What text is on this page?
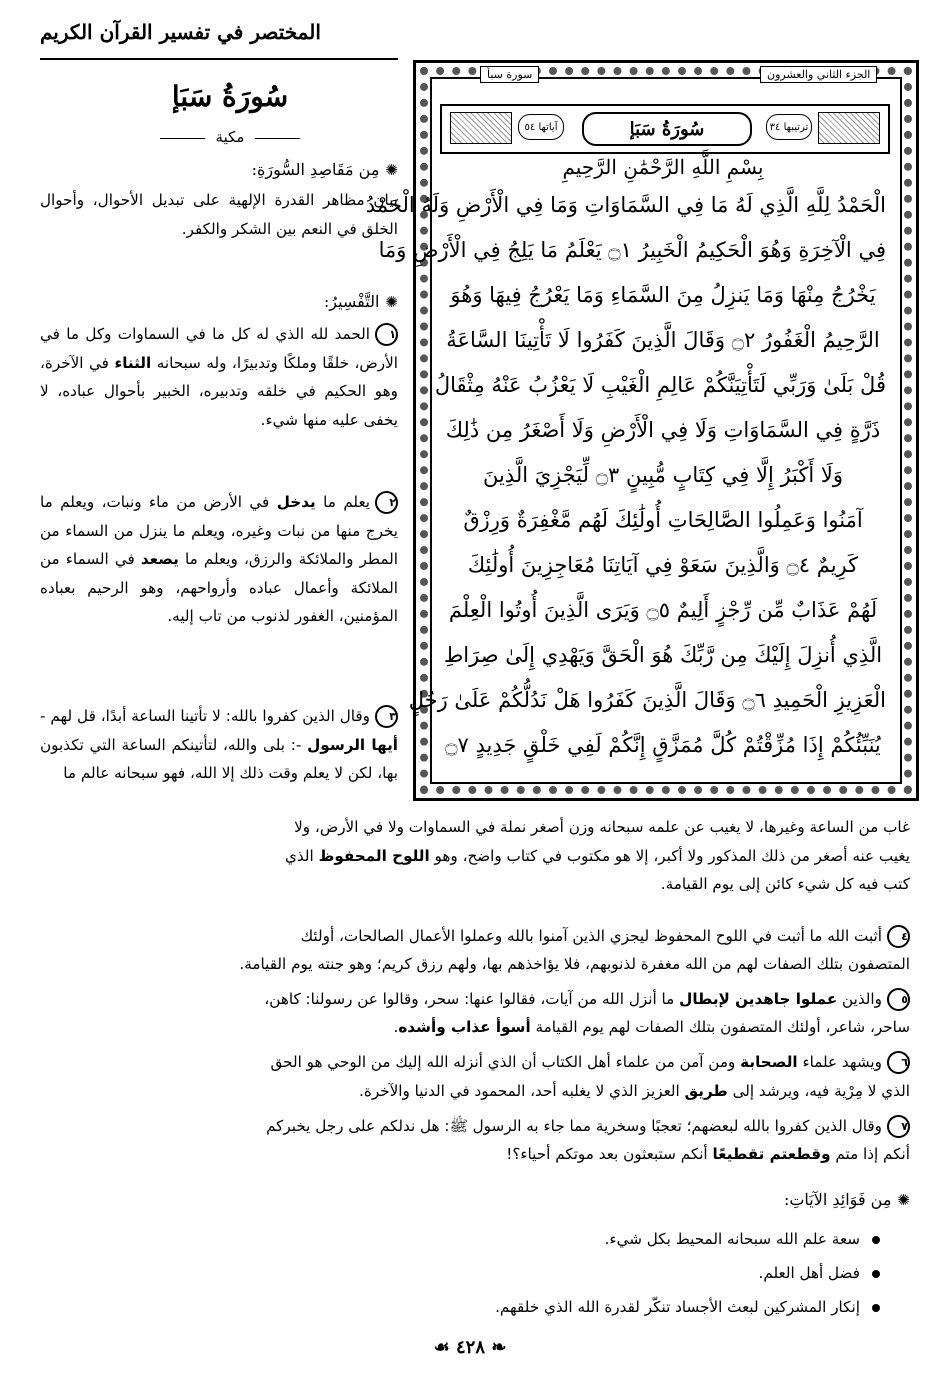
المختصر في تفسير القرآن الكريم
الجزء الثاني والعشرون
سورة سبأ
آياتها ٥٤	سُورَةُ سَبَإ	ترتيبها ٣٤
بِسْمِ اللَّهِ الرَّحْمَٰنِ الرَّحِيمِ
الْحَمْدُ لِلَّهِ الَّذِي لَهُ مَا فِي السَّمَاوَاتِ وَمَا فِي الْأَرْضِ وَلَهُ الْحَمْدُ
فِي الْآخِرَةِ وَهُوَ الْحَكِيمُ الْخَبِيرُ ۝١ يَعْلَمُ مَا يَلِجُ فِي الْأَرْضِ وَمَا
يَخْرُجُ مِنْهَا وَمَا يَنزِلُ مِنَ السَّمَاءِ وَمَا يَعْرُجُ فِيهَا وَهُوَ
الرَّحِيمُ الْغَفُورُ ۝٢ وَقَالَ الَّذِينَ كَفَرُوا لَا تَأْتِينَا السَّاعَةُ
قُلْ بَلَىٰ وَرَبِّي لَتَأْتِيَنَّكُمْ عَالِمِ الْغَيْبِ لَا يَعْزُبُ عَنْهُ مِثْقَالُ
ذَرَّةٍ فِي السَّمَاوَاتِ وَلَا فِي الْأَرْضِ وَلَا أَصْغَرُ مِن ذَٰلِكَ
وَلَا أَكْبَرُ إِلَّا فِي كِتَابٍ مُّبِينٍ ۝٣ لِّيَجْزِيَ الَّذِينَ
آمَنُوا وَعَمِلُوا الصَّالِحَاتِ أُولَٰئِكَ لَهُم مَّغْفِرَةٌ وَرِزْقٌ
كَرِيمٌ ۝٤ وَالَّذِينَ سَعَوْ فِي آيَاتِنَا مُعَاجِزِينَ أُولَٰئِكَ
لَهُمْ عَذَابٌ مِّن رِّجْزٍ أَلِيمٌ ۝٥ وَيَرَى الَّذِينَ أُوتُوا الْعِلْمَ
الَّذِي أُنزِلَ إِلَيْكَ مِن رَّبِّكَ هُوَ الْحَقَّ وَيَهْدِي إِلَىٰ صِرَاطِ
الْعَزِيزِ الْحَمِيدِ ۝٦ وَقَالَ الَّذِينَ كَفَرُوا هَلْ نَدُلُّكُمْ عَلَىٰ رَجُلٍ
يُنَبِّئُكُمْ إِذَا مُزِّقْتُمْ كُلَّ مُمَزَّقٍ إِنَّكُمْ لَفِي خَلْقٍ جَدِيدٍ ۝٧
سُورَةُ سَبَإ
مكية
✺مِن مَقَاصِدِ السُّورَةِ:
بيان مظاهر القدرة الإلهية على تبديل الأحوال، وأحوال الخلق في النعم بين الشكر والكفر.
✺التَّفْسِيرُ:
١الحمد لله الذي له كل ما في السماوات وكل ما في الأرض، خلقًا وملكًا وتدبيرًا، وله سبحانه الثناء في الآخرة، وهو الحكيم في خلقه وتدبيره، الخبير بأحوال عباده، لا يخفى عليه منها شيء.
٢يعلم ما يدخل في الأرض من ماء ونبات، ويعلم ما يخرج منها من نبات وغيره، ويعلم ما ينزل من السماء من المطر والملائكة والرزق، ويعلم ما يصعد في السماء من الملائكة وأعمال عباده وأرواحهم، وهو الرحيم بعباده المؤمنين، الغفور لذنوب من تاب إليه.
٣وقال الذين كفروا بالله: لا تأتينا الساعة أبدًا، قل لهم - أيها الرسول -: بلى والله، لتأتينكم الساعة التي تكذبون بها، لكن لا يعلم وقت ذلك إلا الله، فهو سبحانه عالم ما
غاب من الساعة وغيرها، لا يغيب عن علمه سبحانه وزن أصغر نملة في السماوات ولا في الأرض، ولا
يغيب عنه أصغر من ذلك المذكور ولا أكبر، إلا هو مكتوب في كتاب واضح، وهو اللوح المحفوظ الذي
كتب فيه كل شيء كائن إلى يوم القيامة.
٤أثبت الله ما أثبت في اللوح المحفوظ ليجزي الذين آمنوا بالله وعملوا الأعمال الصالحات، أولئك
المتصفون بتلك الصفات لهم من الله مغفرة لذنوبهم، فلا يؤاخذهم بها، ولهم رزق كريم؛ وهو جنته يوم القيامة.
٥والذين عملوا جاهدين لإبطال ما أنزل الله من آيات، فقالوا عنها: سحر، وقالوا عن رسولنا: كاهن،
ساحر، شاعر، أولئك المتصفون بتلك الصفات لهم يوم القيامة أسوأ عذاب وأشده.
٦ويشهد علماء الصحابة ومن آمن من علماء أهل الكتاب أن الذي أنزله الله إليك من الوحي هو الحق
الذي لا مِرْية فيه، ويرشد إلى طريق العزيز الذي لا يغلبه أحد، المحمود في الدنيا والآخرة.
٧وقال الذين كفروا بالله لبعضهم؛ تعجبًا وسخرية مما جاء به الرسول ﷺ: هل ندلكم على رجل يخبركم
أنكم إذا متم وقطعتم تقطيعًا أنكم ستبعثون بعد موتكم أحياء؟!
✺مِن فَوَائِدِ الآيَاتِ:
سعة علم الله سبحانه المحيط بكل شيء.
فضل أهل العلم.
إنكار المشركين لبعث الأجساد تنكّر لقدرة الله الذي خلقهم.
❧ ٤٢٨ ☙
